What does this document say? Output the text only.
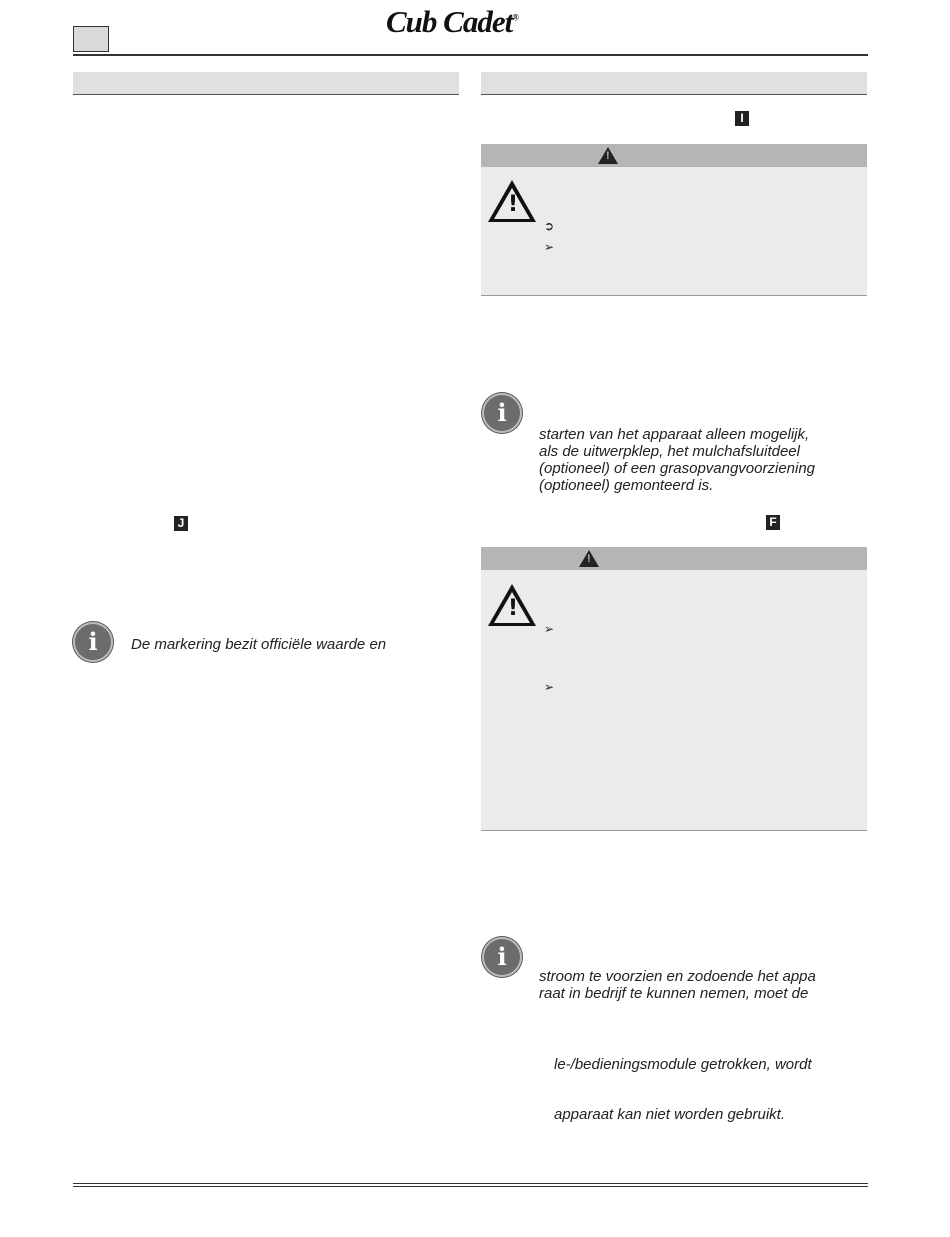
Cub Cadet®
I
!
!
➲
➢
i
starten van het apparaat alleen mogelijk,
als de uitwerpklep, het mulchafsluitdeel
(optioneel) of een grasopvangvoorziening
(optioneel) gemonteerd is.
J	F
!
!
➢
➢
i	De markering bezit officiële waarde en
i
stroom te voorzien en zodoende het appa
raat in bedrijf te kunnen nemen, moet de
le-/bedieningsmodule getrokken, wordt
apparaat kan niet worden gebruikt.
